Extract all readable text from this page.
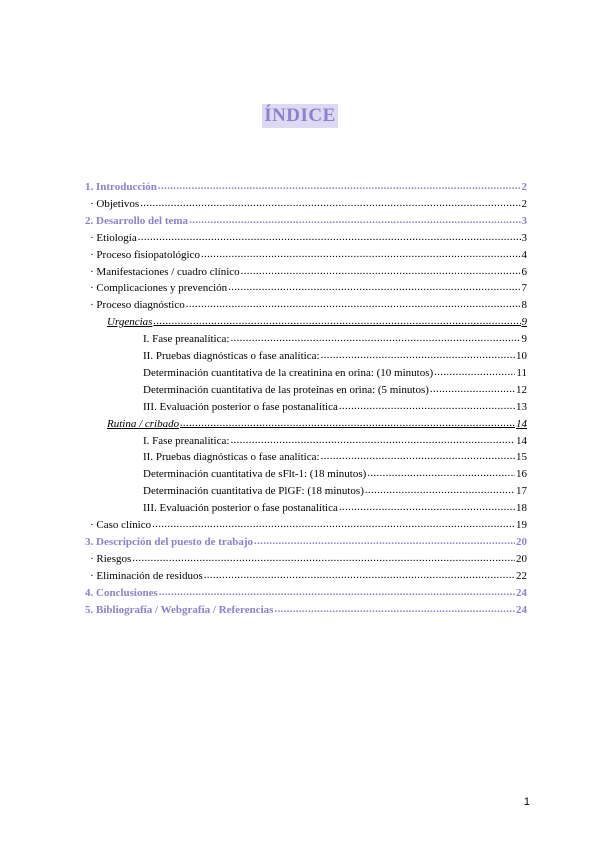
ÍNDICE
1. Introducción .....	2
· Objetivos .....	2
2. Desarrollo del tema .....	3
· Etiología .....	3
· Proceso fisiopatológico .....	4
· Manifestaciones / cuadro clínico .....	6
· Complicaciones y prevención .....	7
· Proceso diagnóstico .....	8
Urgencias .....	9
I. Fase preanalítica: .....	9
II. Pruebas diagnósticas o fase analítica: .....	10
Determinación cuantitativa de la creatinina en orina: (10 minutos) .....	11
Determinación cuantitativa de las proteínas en orina: (5 minutos) .....	12
III. Evaluación posterior o fase postanalítica .....	13
Rutina / cribado .....	14
I. Fase preanalítica: .....	14
II. Pruebas diagnósticas o fase analítica: .....	15
Determinación cuantitativa de sFlt-1: (18 minutos) .....	16
Determinación cuantitativa de PlGF: (18 minutos) .....	17
III. Evaluación posterior o fase postanalítica .....	18
· Caso clínico .....	19
3. Descripción del puesto de trabajo .....	20
· Riesgos .....	20
· Eliminación de residuos .....	22
4. Conclusiones .....	24
5. Bibliografía / Webgrafía / Referencias .....	24
1
